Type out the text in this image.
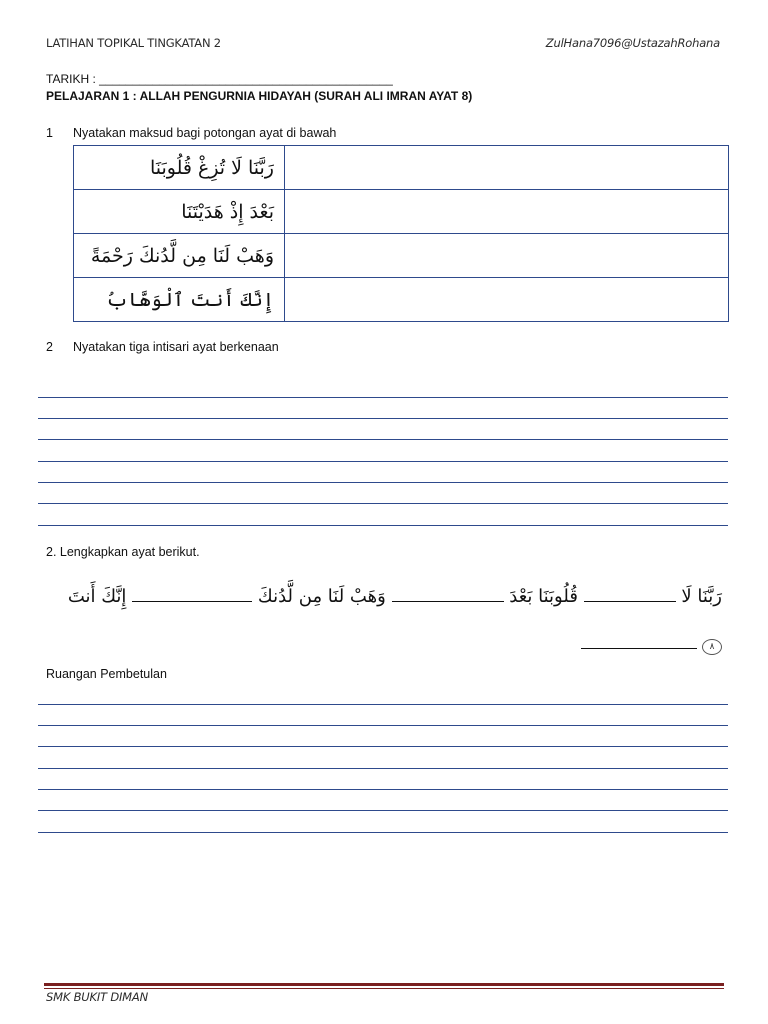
LATIHAN TOPIKAL TINGKATAN 2	ZulHana7096@UstazahRohana
TARIKH : ____________________________________________
PELAJARAN 1 : ALLAH PENGURNIA HIDAYAH (SURAH ALI IMRAN AYAT 8)
1 Nyatakan maksud bagi potongan ayat di bawah
رَبَّنَا لَا تُزِغْ قُلُوبَنَا	
بَعْدَ إِذْ هَدَيْتَنَا	
وَهَبْ لَنَا مِن لَّدُنكَ رَحْمَةً	
إِنَّكَ أَنتَ ٱلْوَهَّابُ	
2 Nyatakan tiga intisari ayat berkenaan
2. Lengkapkan ayat berikut.
رَبَّنَا لَا  قُلُوبَنَا بَعْدَ  وَهَبْ لَنَا مِن لَّدُنكَ  إِنَّكَ أَنتَ
٨
Ruangan Pembetulan
SMK BUKIT DIMAN
